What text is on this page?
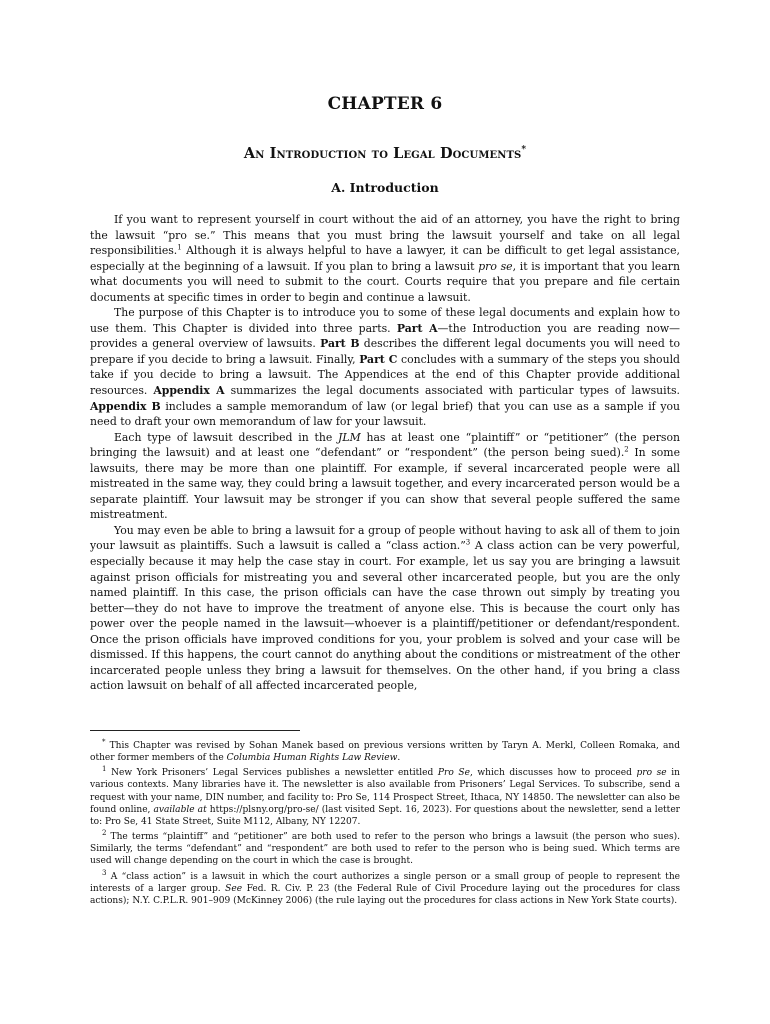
CHAPTER 6
An Introduction to Legal Documents*
A. Introduction

If you want to represent yourself in court without the aid of an attorney, you have the right to bring the lawsuit “pro se.” This means that you must bring the lawsuit yourself and take on all legal responsibilities.$^1$ Although it is always helpful to have a lawyer, it can be difficult to get legal assistance, especially at the beginning of a lawsuit. If you plan to bring a lawsuit pro se, it is important that you learn what documents you will need to submit to the court. Courts require that you prepare and file certain documents at specific times in order to begin and continue a lawsuit.

The purpose of this Chapter is to introduce you to some of these legal documents and explain how to use them. This Chapter is divided into three parts. Part A—the Introduction you are reading now—provides a general overview of lawsuits. Part B describes the different legal documents you will need to prepare if you decide to bring a lawsuit. Finally, Part C concludes with a summary of the steps you should take if you decide to bring a lawsuit. The Appendices at the end of this Chapter provide additional resources. Appendix A summarizes the legal documents associated with particular types of lawsuits. Appendix B includes a sample memorandum of law (or legal brief) that you can use as a sample if you need to draft your own memorandum of law for your lawsuit.

Each type of lawsuit described in the JLM has at least one “plaintiff” or “petitioner” (the person bringing the lawsuit) and at least one “defendant” or “respondent” (the person being sued).$^2$ In some lawsuits, there may be more than one plaintiff. For example, if several incarcerated people were all mistreated in the same way, they could bring a lawsuit together, and every incarcerated person would be a separate plaintiff. Your lawsuit may be stronger if you can show that several people suffered the same mistreatment.

You may even be able to bring a lawsuit for a group of people without having to ask all of them to join your lawsuit as plaintiffs. Such a lawsuit is called a “class action.”$^3$ A class action can be very powerful, especially because it may help the case stay in court. For example, let us say you are bringing a lawsuit against prison officials for mistreating you and several other incarcerated people, but you are the only named plaintiff. In this case, the prison officials can have the case thrown out simply by treating you better—they do not have to improve the treatment of anyone else. This is because the court only has power over the people named in the lawsuit—whoever is a plaintiff/petitioner or defendant/respondent. Once the prison officials have improved conditions for you, your problem is solved and your case will be dismissed. If this happens, the court cannot do anything about the conditions or mistreatment of the other incarcerated people unless they bring a lawsuit for themselves. On the other hand, if you bring a class action lawsuit on behalf of all affected incarcerated people,

* This Chapter was revised by Sohan Manek based on previous versions written by Taryn A. Merkl, Colleen Romaka, and other former members of the Columbia Human Rights Law Review.

$^1$ New York Prisoners’ Legal Services publishes a newsletter entitled Pro Se, which discusses how to proceed pro se in various contexts. Many libraries have it. The newsletter is also available from Prisoners’ Legal Services. To subscribe, send a request with your name, DIN number, and facility to: Pro Se, 114 Prospect Street, Ithaca, NY 14850. The newsletter can also be found online, available at https://plsny.org/pro-se/ (last visited Sept. 16, 2023). For questions about the newsletter, send a letter to: Pro Se, 41 State Street, Suite M112, Albany, NY 12207.

$^2$ The terms “plaintiff” and “petitioner” are both used to refer to the person who brings a lawsuit (the person who sues). Similarly, the terms “defendant” and “respondent” are both used to refer to the person who is being sued. Which terms are used will change depending on the court in which the case is brought.

$^3$ A “class action” is a lawsuit in which the court authorizes a single person or a small group of people to represent the interests of a larger group. See Fed. R. Civ. P. 23 (the Federal Rule of Civil Procedure laying out the procedures for class actions); N.Y. C.P.L.R. 901–909 (McKinney 2006) (the rule laying out the procedures for class actions in New York State courts).
